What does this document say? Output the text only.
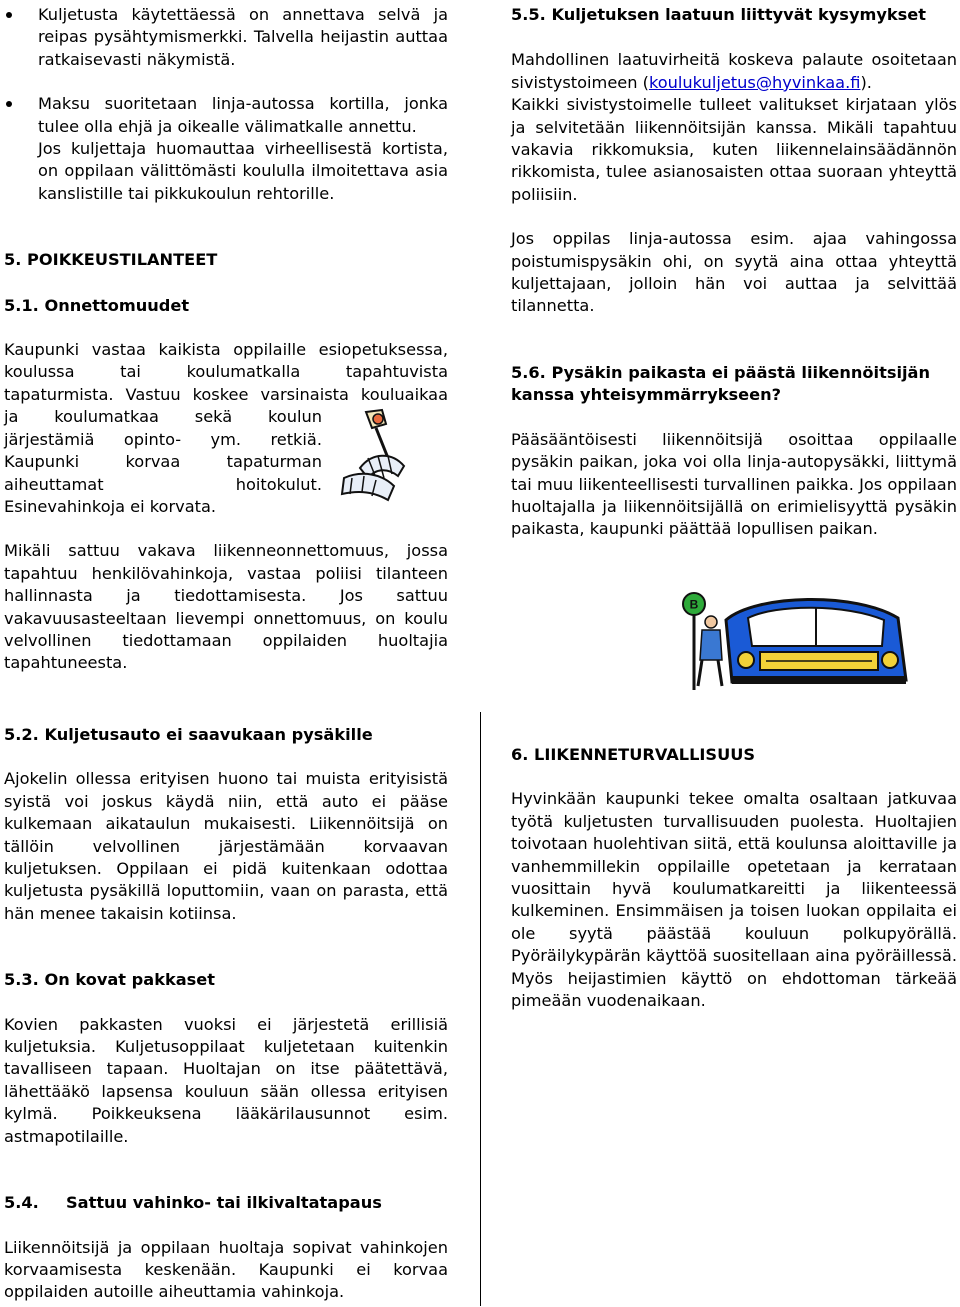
Kuljetusta käytettäessä on annettava selvä ja reipas pysähtymismerkki. Talvella heijastin auttaa ratkaisevasti näkymistä.
Maksu suoritetaan linja-autossa kortilla, jonka tulee olla ehjä ja oikealle välimatkalle annettu.
Jos kuljettaja huomauttaa virheellisestä kortista, on oppilaan välittömästi koululla ilmoitettava asia kanslistille tai pikkukoulun rehtorille.
5. POIKKEUSTILANTEET
5.1. Onnettomuudet

Kaupunki vastaa kaikista oppilaille esiopetuksessa,

koulussa tai koulumatkalla tapahtuvista

tapaturmista. Vastuu koskee varsinaista kouluaikaa

ja koulumatkaa sekä koulun

järjestämiä opinto- ym. retkiä.

Kaupunki korvaa tapaturman

aiheuttamat hoitokulut.

Esinevahinkoja ei korvata.

Mikäli sattuu vakava liikenneonnettomuus, jossa tapahtuu henkilövahinkoja, vastaa poliisi tilanteen hallinnasta ja tiedottamisesta. Jos sattuu vakavuusasteeltaan lievempi onnettomuus, on koulu velvollinen tiedottamaan oppilaiden huoltajia tapahtuneesta.

5.5. Kuljetuksen laatuun liittyvät kysymykset

Mahdollinen laatuvirheitä koskeva palaute osoitetaan sivistystoimeen (koulukuljetus@hyvinkaa.fi).

Kaikki sivistystoimelle tulleet valitukset kirjataan ylös ja selvitetään liikennöitsijän kanssa. Mikäli tapahtuu vakavia rikkomuksia, kuten liikennelainsäädännön rikkomista, tulee asianosaisten ottaa suoraan yhteyttä poliisiin.

Jos oppilas linja-autossa esim. ajaa vahingossa poistumispysäkin ohi, on syytä aina ottaa yhteyttä kuljettajaan, jolloin hän voi auttaa ja selvittää tilannetta.

5.6. Pysäkin paikasta ei päästä liikennöitsijän kanssa yhteisymmärrykseen?

Pääsääntöisesti liikennöitsijä osoittaa oppilaalle pysäkin paikan, joka voi olla linja-autopysäkki, liittymä tai muu liikenteellisesti turvallinen paikka. Jos oppilaan huoltajalla ja liikennöitsijällä on erimielisyyttä pysäkin paikasta, kaupunki päättää lopullisen paikan.

B
5.2. Kuljetusauto ei saavukaan pysäkille

Ajokelin ollessa erityisen huono tai muista erityisistä syistä voi joskus käydä niin, että auto ei pääse kulkemaan aikataulun mukaisesti. Liikennöitsijä on tällöin velvollinen järjestämään korvaavan kuljetuksen. Oppilaan ei pidä kuitenkaan odottaa kuljetusta pysäkillä loputtomiin, vaan on parasta, että hän menee takaisin kotiinsa.

5.3. On kovat pakkaset

Kovien pakkasten vuoksi ei järjestetä erillisiä kuljetuksia. Kuljetusoppilaat kuljetetaan kuitenkin tavalliseen tapaan. Huoltajan on itse päätettävä, lähettääkö lapsensa kouluun sään ollessa erityisen kylmä. Poikkeuksena lääkärilausunnot esim. astmapotilaille.

5.4. Sattuu vahinko- tai ilkivaltatapaus

Liikennöitsijä ja oppilaan huoltaja sopivat vahinkojen korvaamisesta keskenään. Kaupunki ei korvaa oppilaiden autoille aiheuttamia vahinkoja.

6. LIIKENNETURVALLISUUS

Hyvinkään kaupunki tekee omalta osaltaan jatkuvaa työtä kuljetusten turvallisuuden puolesta. Huoltajien toivotaan huolehtivan siitä, että koulunsa aloittaville ja vanhemmillekin oppilaille opetetaan ja kerrataan vuosittain hyvä koulumatkareitti ja liikenteessä kulkeminen. Ensimmäisen ja toisen luokan oppilaita ei ole syytä päästää kouluun polkupyörällä. Pyöräilykypärän käyttöä suositellaan aina pyöräillessä. Myös heijastimien käyttö on ehdottoman tärkeää pimeään vuodenaikaan.
